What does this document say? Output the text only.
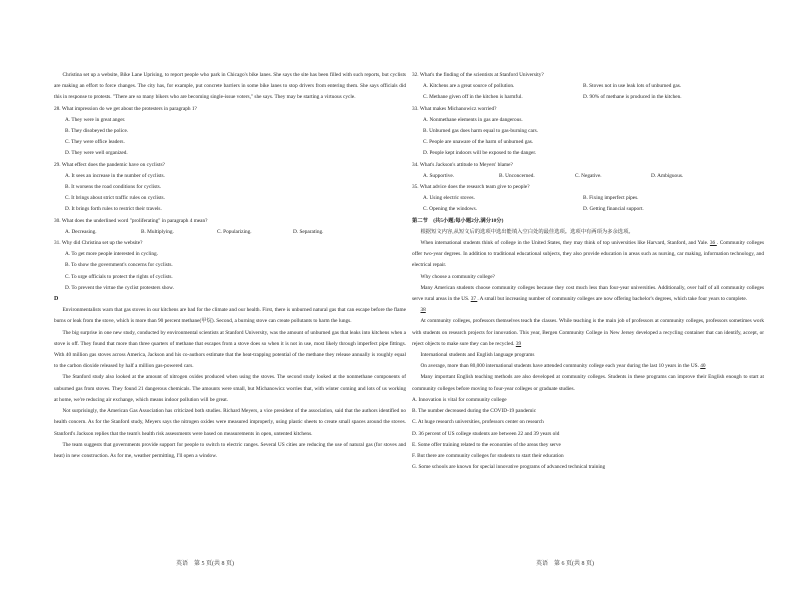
Christina set up a website, Bike Lane Uprising, to report people who park in Chicago's bike lanes. She says the site has been filled with such reports, but cyclists are making an effort to force changes. The city has, for example, put concrete barriers in some bike lanes to stop drivers from entering them. She says officials did this in response to protests. "There are so many bikers who are becoming single-issue voters," she says. They may be starting a virtuous cycle.

28. What impression do we get about the protesters in paragraph 1?

A. They were in great anger.

B. They disobeyed the police.

C. They were office leaders.

D. They were well organized.

29. What effect does the pandemic have on cyclists?

A. It sees an increase in the number of cyclists.

B. It worsens the road conditions for cyclists.

C. It brings about strict traffic rules on cyclists.

D. It brings forth rules to restrict their travels.

30. What does the underlined word "proliferating" in paragraph 4 mean?

A. Decreasing.	B. Multiplying.	C. Popularizing.	D. Separating.

31. Why did Christina set up the website?

A. To get more people interested in cycling.

B. To show the government's concerns for cyclists.

C. To urge officials to protect the rights of cyclists.

D. To prevent the virtue the cyclist protesters show.

D

Environmentalists warn that gas stoves in our kitchens are bad for the climate and our health. First, there is unburned natural gas that can escape before the flame burns or leak from the stove, which is more than 90 percent methane(甲烷). Second, a burning stove can create pollutants to harm the lungs.

The big surprise in one new study, conducted by environmental scientists at Stanford University, was the amount of unburned gas that leaks into kitchens when a stove is off. They found that more than three quarters of methane that escapes from a stove does so when it is not in use, most likely through imperfect pipe fittings. With 40 million gas stoves across America, Jackson and his co-authors estimate that the heat-trapping potential of the methane they release annually is roughly equal to the carbon dioxide released by half a million gas-powered cars.

The Stanford study also looked at the amount of nitrogen oxides produced when using the stoves. The second study looked at the nonmethane components of unburned gas from stoves. They found 21 dangerous chemicals. The amounts were small, but Michanowicz worries that, with winter coming and lots of us working at home, we're reducing air exchange, which means indoor pollution will be great.

Not surprisingly, the American Gas Association has criticized both studies. Richard Meyers, a vice president of the association, said that the authors identified no health concern. As for the Stanford study, Meyers says the nitrogen oxides were measured improperly, using plastic sheets to create small spaces around the stoves. Stanford's Jackson replies that the team's health risk assessments were based on measurements in open, untented kitchens.

The team suggests that governments provide support for people to switch to electric ranges. Several US cities are reducing the use of natural gas (for stoves and heat) in new construction. As for me, weather permitting, I'll open a window.

32. What's the finding of the scientists at Stanford University?

A. Kitchens are a great source of pollution.	B. Stoves not in use leak lots of unburned gas.
C. Methane given off in the kitchen is harmful.	D. 90% of methane is produced in the kitchen.

33. What makes Michanowicz worried?

A. Nonmethane elements in gas are dangerous.

B. Unburned gas does harm equal to gas-burning cars.

C. People are unaware of the harm of unburned gas.

D. People kept indoors will be exposed to the danger.

34. What's Jackson's attitude to Meyers' blame?

A. Supportive.	B. Unconcerned.	C. Negative.	D. Ambiguous.

35. What advice does the research team give to people?

A. Using electric stoves.	B. Fixing imperfect pipes.
C. Opening the windows.	D. Getting financial support.

第二节　(共5小题;每小题2分,满分10分)

根据短文内容,从短文后的选项中选出能填入空白处的最佳选项。选项中有两项为多余选项。

When international students think of college in the United States, they may think of top universities like Harvard, Stanford, and Yale. 36 . Community colleges offer two-year degrees. In addition to traditional educational subjects, they also provide education in areas such as nursing, car making, information technology, and electrical repair.

Why choose a community college?

Many American students choose community colleges because they cost much less than four-year universities. Additionally, over half of all community colleges serve rural areas in the US. 37 . A small but increasing number of community colleges are now offering bachelor's degrees, which take four years to complete.

38

At community colleges, professors themselves teach the classes. While teaching is the main job of professors at community colleges, professors sometimes work with students on research projects for innovation. This year, Bergen Community College in New Jersey developed a recycling container that can identify, accept, or reject objects to make sure they can be recycled. 39

International students and English language programs

On average, more than 80,000 international students have attended community college each year during the last 10 years in the US. 40

Many important English teaching methods are also developed at community colleges. Students in these programs can improve their English enough to start at community colleges before moving to four-year colleges or graduate studies.

A. Innovation is vital for community college

B. The number decreased during the COVID-19 pandemic

C. At huge research universities, professors center on research

D. 36 percent of US college students are between 22 and 39 years old

E. Some offer training related to the economies of the areas they serve

F. But there are community colleges for students to start their education

G. Some schools are known for special innovative programs of advanced technical training

英语　第 5 页(共 8 页)	英语　第 6 页(共 8 页)
